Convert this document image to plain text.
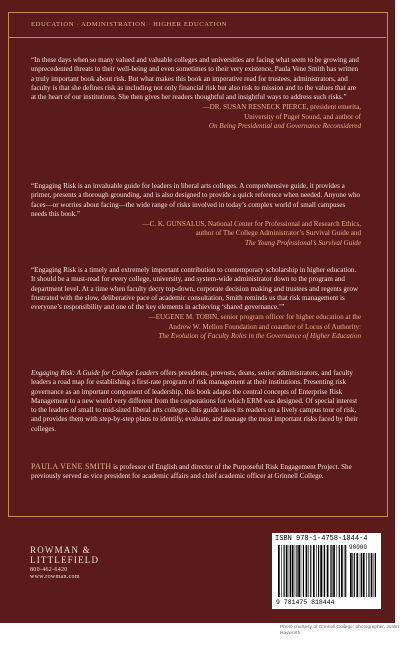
EDUCATION · ADMINISTRATION · HIGHER EDUCATION

“In these days when so many valued and valuable colleges and universities are facing what seem to be growing and unprecedented threats to their well-being and even sometimes to their very existence, Paula Vene Smith has written a truly important book about risk. But what makes this book an imperative read for trustees, administrators, and faculty is that she defines risk as including not only financial risk but also risk to mission and to the values that are at the heart of our institutions. She then gives her readers thoughtful and insightful ways to address such risks.”

—DR. SUSAN RESNECK PIERCE, president emerita,
University of Puget Sound, and author of
On Being Presidential and Governance Reconsidered

“Engaging Risk is an invaluable guide for leaders in liberal arts colleges. A comprehensive guide, it provides a primer, presents a thorough grounding, and is also designed to provide a quick reference when needed. Anyone who faces—or worries about facing—the wide range of risks involved in today’s complex world of small campuses needs this book.”

—C. K. GUNSALUS, National Center for Professional and Research Ethics,
author of The College Administrator’s Survival Guide and
The Young Professional’s Survival Guide

“Engaging Risk is a timely and extremely important contribution to contemporary scholarship in higher education. It should be a must-read for every college, university, and system-wide administrator down to the program and department level. At a time when faculty decry top-down, corporate decision making and trustees and regents grow frustrated with the slow, deliberative pace of academic consultation, Smith reminds us that risk management is everyone’s responsibility and one of the key elements in achieving ‘shared governance.’”

—EUGENE M. TOBIN, senior program officer for higher education at the
Andrew W. Mellon Foundation and coauthor of Locus of Authority:
The Evolution of Faculty Roles in the Governance of Higher Education
Engaging Risk: A Guide for College Leaders offers presidents, provosts, deans, senior administrators, and faculty leaders a road map for establishing a first-rate program of risk management at their institutions. Presenting risk governance as an important component of leadership, this book adapts the central concepts of Enterprise Risk Management to a new world very different from the corporations for which ERM was designed. Of special interest to the leaders of small to mid-sized liberal arts colleges, this guide takes its readers on a lively campus tour of risk, and provides them with step-by-step plans to identify, evaluate, and manage the most important risks faced by their colleges.
PAULA VENE SMITH is professor of English and director of the Purposeful Risk Engagement Project. She previously served as vice president for academic affairs and chief academic officer at Grinnell College.
ROWMAN &
LITTLEFIELD
800-462-6420
www.rowman.com
ISBN 978-1-4758-1844-4
90000
9 781475 818444
Photo courtesy of Grinnell College; photographer, Justin Hayworth
